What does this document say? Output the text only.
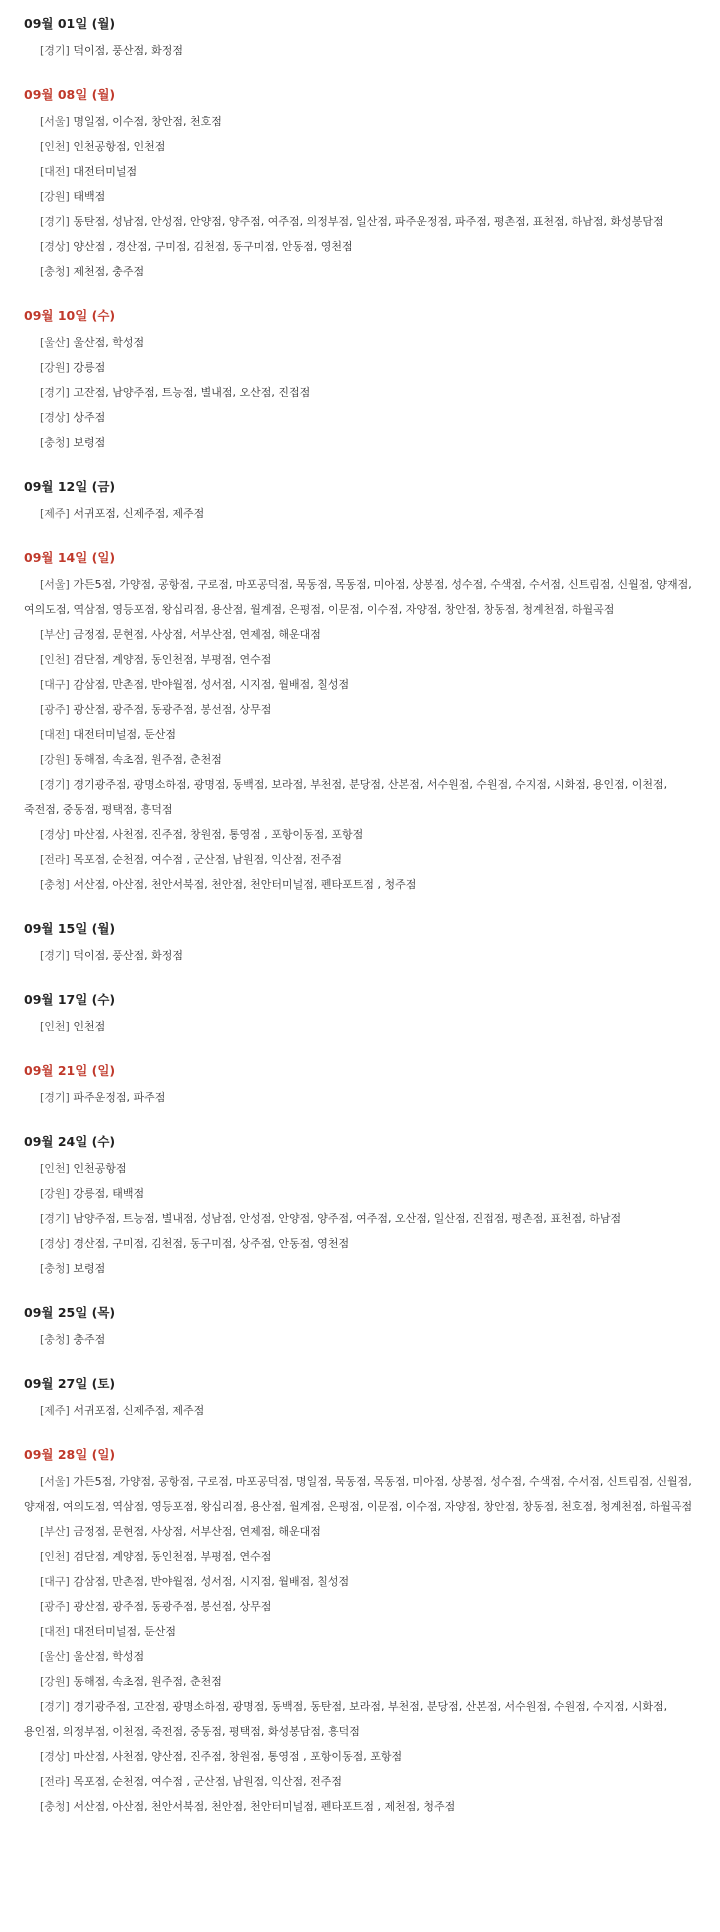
09월 01일 (월)
[경기] 덕이점, 풍산점, 화정점
09월 08일 (월)
[서울] 명일점, 이수점, 창안점, 천호점
[인천] 인천공항점, 인천점
[대전] 대전터미널점
[강원] 태백점
[경기] 동탄점, 성남점, 안성점, 안양점, 양주점, 여주점, 의정부점, 일산점, 파주운정점, 파주점, 평촌점, 표천점, 하남점, 화성봉담점
[경상] 양산점 , 경산점, 구미점, 김천점, 동구미점, 안동점, 영천점
[충청] 제천점, 충주점
09월 10일 (수)
[울산] 울산점, 학성점
[강원] 강릉점
[경기] 고잔점, 남양주점, 트능점, 별내점, 오산점, 진접점
[경상] 상주점
[충청] 보령점
09월 12일 (금)
[제주] 서귀포점, 신제주점, 제주점
09월 14일 (일)
[서울] 가든5점, 가양점, 공항점, 구로점, 마포공덕점, 묵동점, 목동점, 미아점, 상봉점, 성수점, 수색점, 수서점, 신트림점, 신월점, 양재점, 여의도점, 역삼점, 영등포점, 왕십리점, 용산점, 월계점, 은평점, 이문점, 이수점, 자양점, 창안점, 창동점, 청계천점, 하월곡점
[부산] 금정점, 문현점, 사상점, 서부산점, 연제점, 해운대점
[인천] 검단점, 계양점, 동인천점, 부평점, 연수점
[대구] 감삼점, 만촌점, 반야월점, 성서점, 시지점, 월배점, 칠성점
[광주] 광산점, 광주점, 동광주점, 봉선점, 상무점
[대전] 대전터미널점, 둔산점
[강원] 동해점, 속초점, 원주점, 춘천점
[경기] 경기광주점, 광명소하점, 광명점, 동백점, 보라점, 부천점, 분당점, 산본점, 서수원점, 수원점, 수지점, 시화점, 용인점, 이천점, 죽전점, 중동점, 평택점, 흥덕점
[경상] 마산점, 사천점, 진주점, 창원점, 통영점 , 포항이동점, 포항점
[전라] 목포점, 순천점, 여수점 , 군산점, 남원점, 익산점, 전주점
[충청] 서산점, 아산점, 천안서북점, 천안점, 천안터미널점, 펜타포트점 , 청주점
09월 15일 (월)
[경기] 덕이점, 풍산점, 화정점
09월 17일 (수)
[인천] 인천점
09월 21일 (일)
[경기] 파주운정점, 파주점
09월 24일 (수)
[인천] 인천공항점
[강원] 강릉점, 태백점
[경기] 남양주점, 트능점, 별내점, 성남점, 안성점, 안양점, 양주점, 여주점, 오산점, 일산점, 진접점, 평촌점, 표천점, 하남점
[경상] 경산점, 구미점, 김천점, 동구미점, 상주점, 안동점, 영천점
[충청] 보령점
09월 25일 (목)
[충청] 충주점
09월 27일 (토)
[제주] 서귀포점, 신제주점, 제주점
09월 28일 (일)
[서울] 가든5점, 가양점, 공항점, 구로점, 마포공덕점, 명일점, 묵동점, 목동점, 미아점, 상봉점, 성수점, 수색점, 수서점, 신트림점, 신월점, 양재점, 여의도점, 역삼점, 영등포점, 왕십리점, 용산점, 월계점, 은평점, 이문점, 이수점, 자양점, 창안점, 창동점, 천호점, 청계천점, 하월곡점
[부산] 금정점, 문현점, 사상점, 서부산점, 연제점, 해운대점
[인천] 검단점, 계양점, 동인천점, 부평점, 연수점
[대구] 감삼점, 만촌점, 반야월점, 성서점, 시지점, 월배점, 칠성점
[광주] 광산점, 광주점, 동광주점, 봉선점, 상무점
[대전] 대전터미널점, 둔산점
[울산] 울산점, 학성점
[강원] 동해점, 속초점, 원주점, 춘천점
[경기] 경기광주점, 고잔점, 광명소하점, 광명점, 동백점, 동탄점, 보라점, 부천점, 분당점, 산본점, 서수원점, 수원점, 수지점, 시화점, 용인점, 의정부점, 이천점, 죽전점, 중동점, 평택점, 화성봉담점, 흥덕점
[경상] 마산점, 사천점, 양산점, 진주점, 창원점, 통영점 , 포항이동점, 포항점
[전라] 목포점, 순천점, 여수점 , 군산점, 남원점, 익산점, 전주점
[충청] 서산점, 아산점, 천안서북점, 천안점, 천안터미널점, 펜타포트점 , 제천점, 청주점
